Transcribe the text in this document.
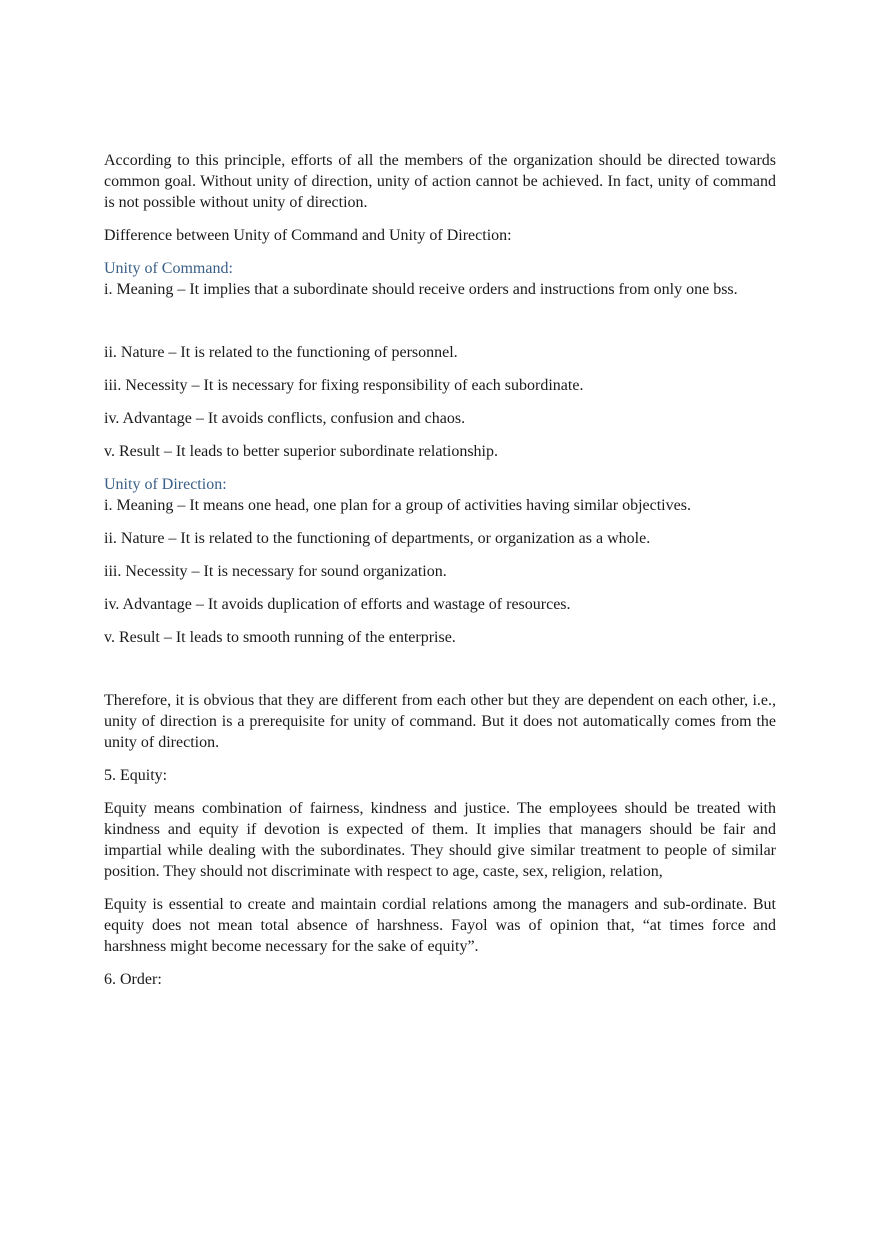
According to this principle, efforts of all the members of the organization should be directed towards common goal. Without unity of direction, unity of action cannot be achieved. In fact, unity of command is not possible without unity of direction.

Difference between Unity of Command and Unity of Direction:

Unity of Command:

i. Meaning – It implies that a subordinate should receive orders and instructions from only one bss.

ii. Nature – It is related to the functioning of personnel.

iii. Necessity – It is necessary for fixing responsibility of each subordinate.

iv. Advantage – It avoids conflicts, confusion and chaos.

v. Result – It leads to better superior subordinate relationship.

Unity of Direction:

i. Meaning – It means one head, one plan for a group of activities having similar objectives.

ii. Nature – It is related to the functioning of departments, or organization as a whole.

iii. Necessity – It is necessary for sound organization.

iv. Advantage – It avoids duplication of efforts and wastage of resources.

v. Result – It leads to smooth running of the enterprise.

Therefore, it is obvious that they are different from each other but they are dependent on each other, i.e., unity of direction is a prerequisite for unity of command. But it does not automatically comes from the unity of direction.

5. Equity:

Equity means combination of fairness, kindness and justice. The employees should be treated with kindness and equity if devotion is expected of them. It implies that managers should be fair and impartial while dealing with the subordinates. They should give similar treatment to people of similar position. They should not discriminate with respect to age, caste, sex, religion, relation,

Equity is essential to create and maintain cordial relations among the managers and sub-ordinate. But equity does not mean total absence of harshness. Fayol was of opinion that, “at times force and harshness might become necessary for the sake of equity”.

6. Order:
